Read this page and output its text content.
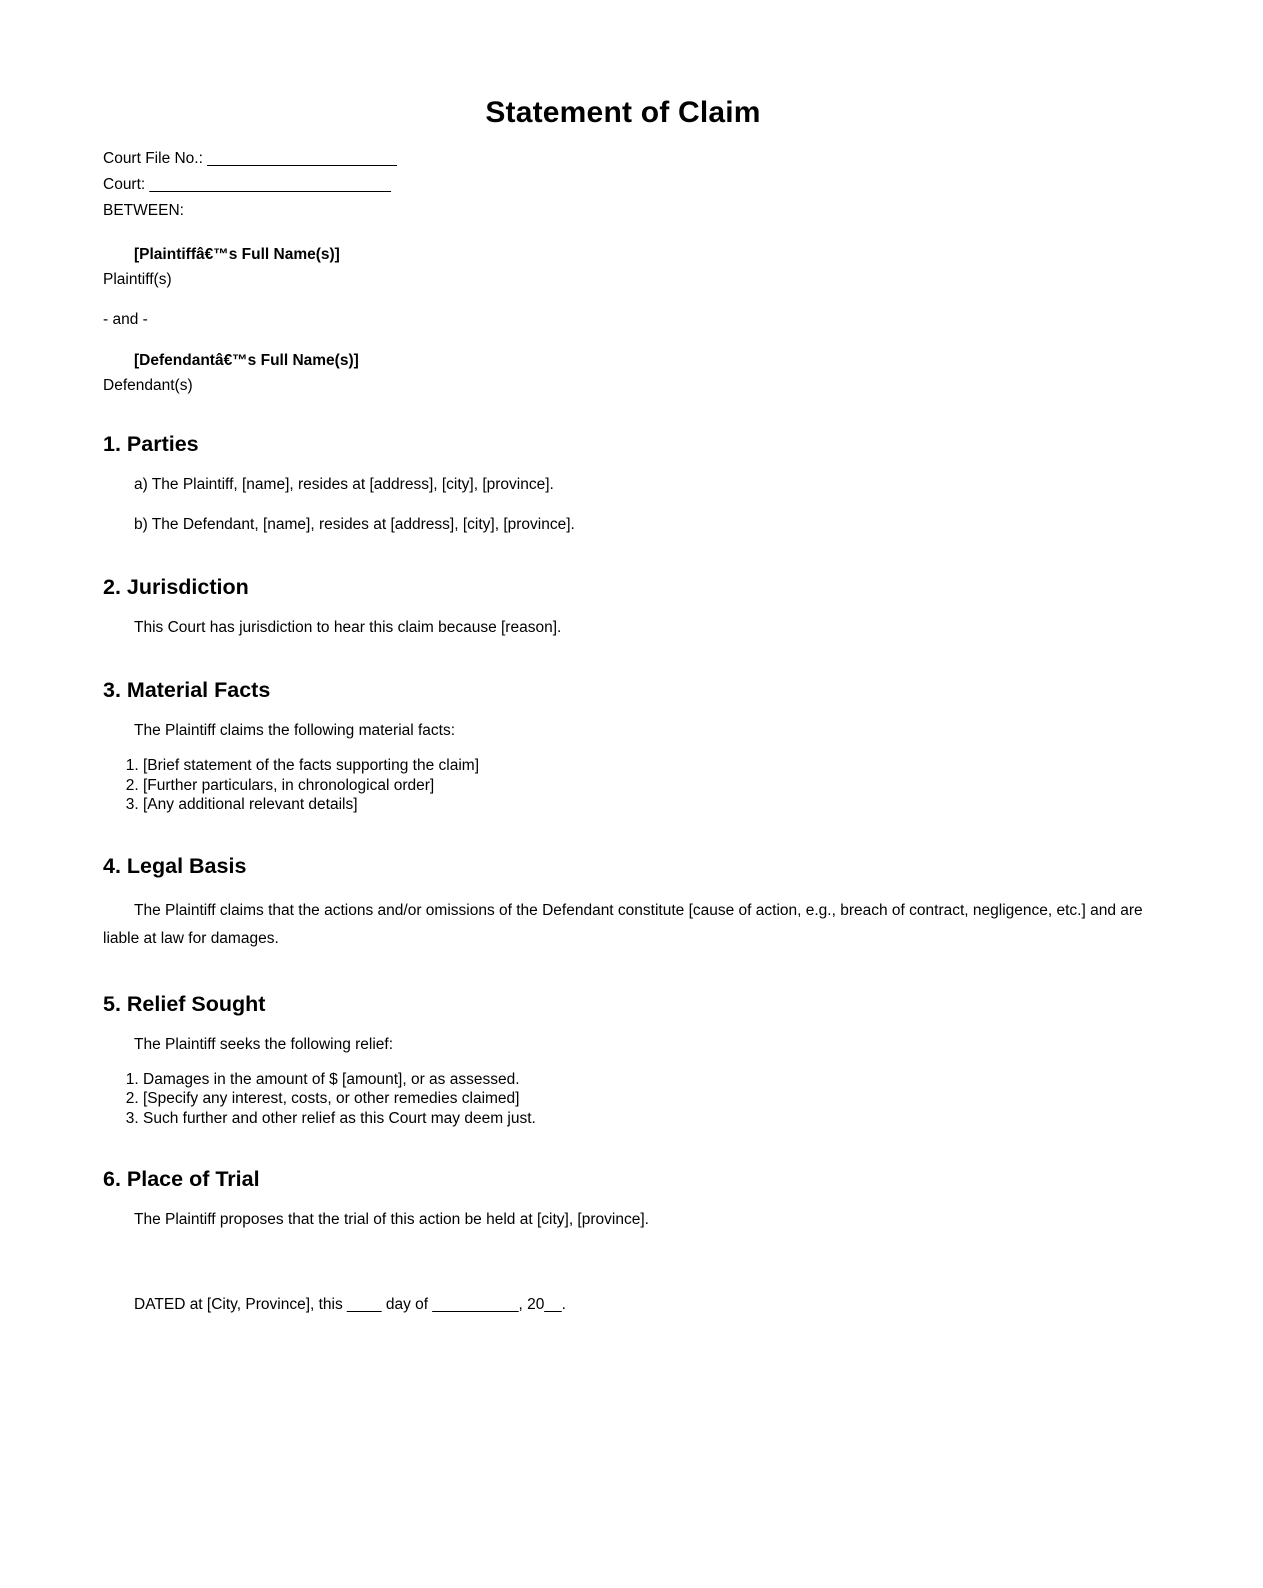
Statement of Claim
Court File No.: ______________________
Court: ____________________________
BETWEEN:
[Plaintiffâ€™s Full Name(s)]
Plaintiff(s)
- and -
[Defendantâ€™s Full Name(s)]
Defendant(s)
1. Parties
a) The Plaintiff, [name], resides at [address], [city], [province].
b) The Defendant, [name], resides at [address], [city], [province].
2. Jurisdiction
This Court has jurisdiction to hear this claim because [reason].
3. Material Facts
The Plaintiff claims the following material facts:
1. [Brief statement of the facts supporting the claim]
2. [Further particulars, in chronological order]
3. [Any additional relevant details]
4. Legal Basis
The Plaintiff claims that the actions and/or omissions of the Defendant constitute [cause of action, e.g., breach of contract, negligence, etc.] and are liable at law for damages.
5. Relief Sought
The Plaintiff seeks the following relief:
1. Damages in the amount of $ [amount], or as assessed.
2. [Specify any interest, costs, or other remedies claimed]
3. Such further and other relief as this Court may deem just.
6. Place of Trial
The Plaintiff proposes that the trial of this action be held at [city], [province].
DATED at [City, Province], this ____ day of __________, 20__.
